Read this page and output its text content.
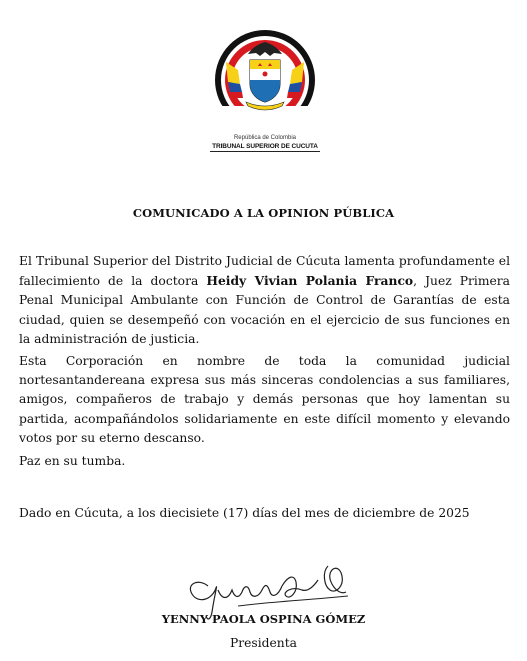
República de Colombia
TRIBUNAL SUPERIOR DE CUCUTA
COMUNICADO A LA OPINION PÚBLICA
El Tribunal Superior del Distrito Judicial de Cúcuta lamenta profundamente el fallecimiento de la doctora Heidy Vivian Polania Franco, Juez Primera Penal Municipal Ambulante con Función de Control de Garantías de esta ciudad, quien se desempeñó con vocación en el ejercicio de sus funciones en la administración de justicia.
Esta Corporación en nombre de toda la comunidad judicial nortesantandereana expresa sus más sinceras condolencias a sus familiares, amigos, compañeros de trabajo y demás personas que hoy lamentan su partida, acompañándolos solidariamente en este difícil momento y elevando votos por su eterno descanso.
Paz en su tumba.
Dado en Cúcuta, a los diecisiete (17) días del mes de diciembre de 2025
YENNY PAOLA OSPINA GÓMEZ
Presidenta
